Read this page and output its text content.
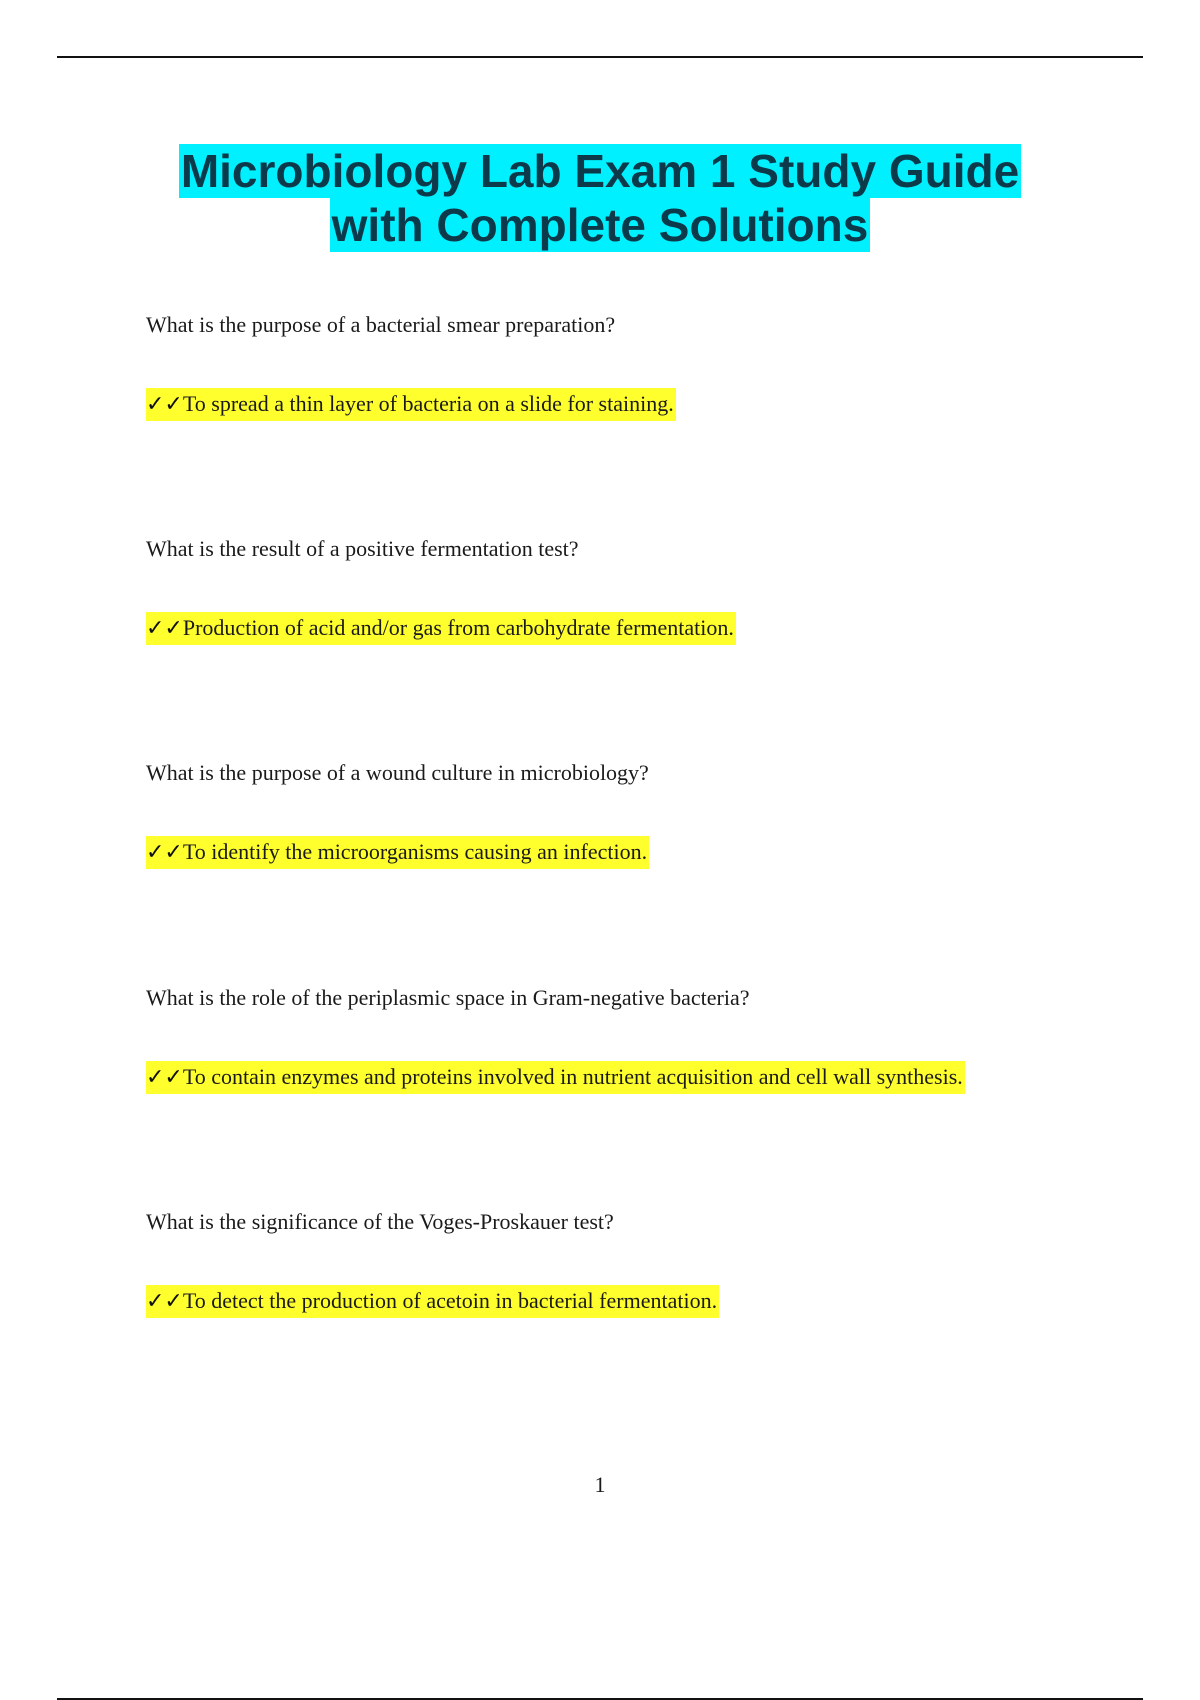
Microbiology Lab Exam 1 Study Guide
with Complete Solutions

What is the purpose of a bacterial smear preparation?

✓✓To spread a thin layer of bacteria on a slide for staining.

What is the result of a positive fermentation test?

✓✓Production of acid and/or gas from carbohydrate fermentation.

What is the purpose of a wound culture in microbiology?

✓✓To identify the microorganisms causing an infection.

What is the role of the periplasmic space in Gram-negative bacteria?

✓✓To contain enzymes and proteins involved in nutrient acquisition and cell wall synthesis.

What is the significance of the Voges-Proskauer test?

✓✓To detect the production of acetoin in bacterial fermentation.
1
